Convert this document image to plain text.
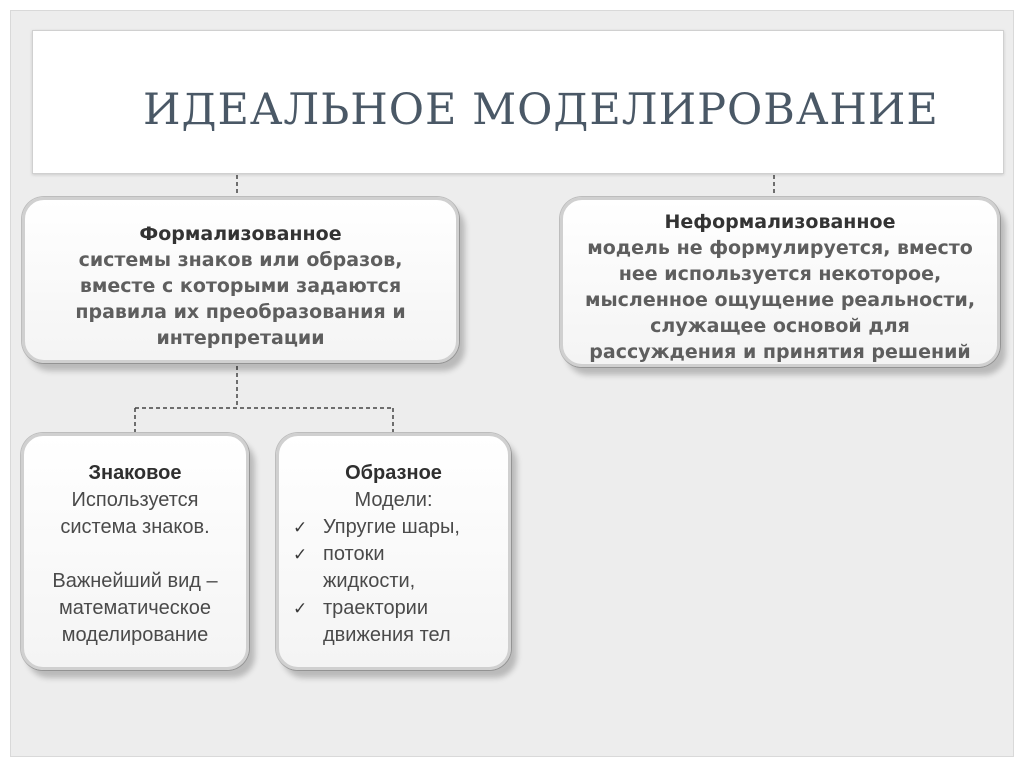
ИДЕАЛЬНОЕ МОДЕЛИРОВАНИЕ
Формализованное
системы знаков или образов,
вместе с которыми задаются
правила их преобразования и
интерпретации
Неформализованное
модель не формулируется, вместо
нее используется некоторое,
мысленное ощущение реальности,
служащее основой для
рассуждения и принятия решений
Знаковое
Используется
система знаков.
Важнейший вид –
математическое
моделирование
Образное
Модели:
✓ Упругие шары,
✓ потоки
жидкости,
✓ траектории
движения тел
